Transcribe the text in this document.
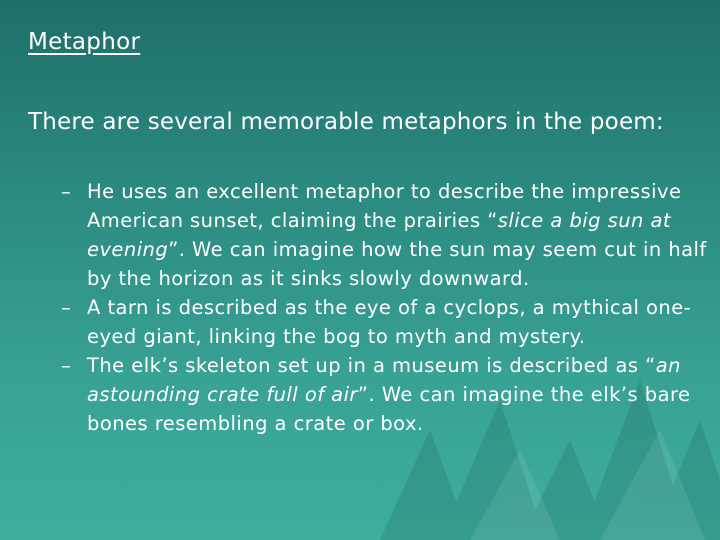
Metaphor

There are several memorable metaphors in the poem:

– He uses an excellent metaphor to describe the impressive American sunset, claiming the prairies “slice a big sun at evening”. We can imagine how the sun may seem cut in half by the horizon as it sinks slowly downward.
– A tarn is described as the eye of a cyclops, a mythical one-eyed giant, linking the bog to myth and mystery.
– The elk’s skeleton set up in a museum is described as “an astounding crate full of air”. We can imagine the elk’s bare bones resembling a crate or box.
